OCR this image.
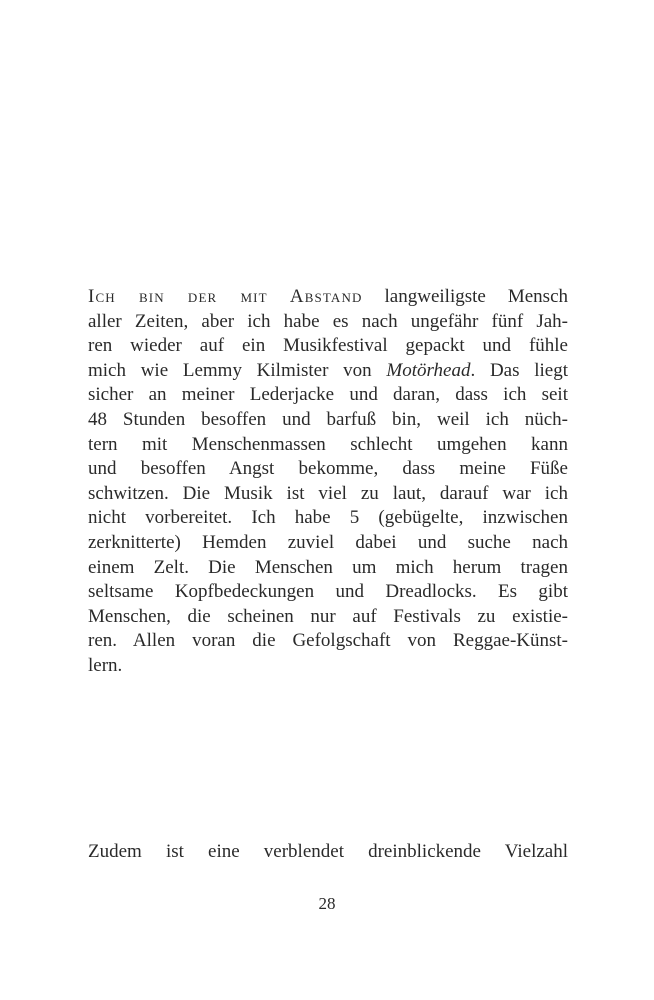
Ich bin der mit Abstand langweiligste Mensch
aller Zeiten, aber ich habe es nach ungefähr fünf Jah-
ren wieder auf ein Musikfestival gepackt und fühle
mich wie Lemmy Kilmister von Motörhead. Das liegt
sicher an meiner Lederjacke und daran, dass ich seit
48 Stunden besoffen und barfuß bin, weil ich nüch-
tern mit Menschenmassen schlecht umgehen kann
und besoffen Angst bekomme, dass meine Füße
schwitzen. Die Musik ist viel zu laut, darauf war ich
nicht vorbereitet. Ich habe 5 (gebügelte, inzwischen
zerknitterte) Hemden zuviel dabei und suche nach
einem Zelt. Die Menschen um mich herum tragen
seltsame Kopfbedeckungen und Dreadlocks. Es gibt
Menschen, die scheinen nur auf Festivals zu existie-
ren. Allen voran die Gefolgschaft von Reggae-Künst-
lern.
Zudem ist eine verblendet dreinblickende Vielzahl
28
